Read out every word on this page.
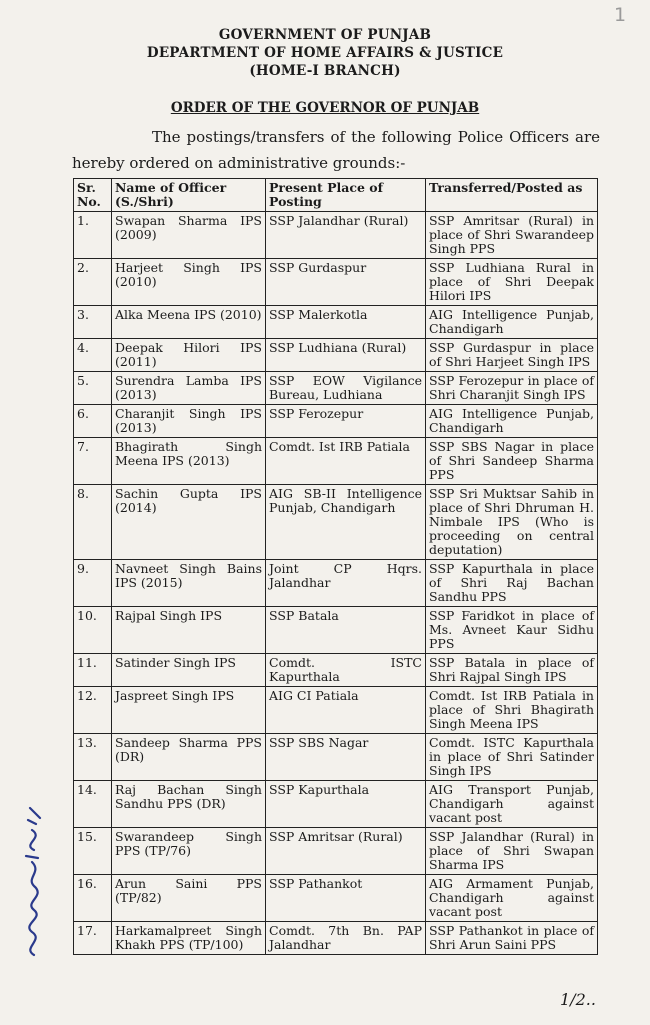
1
GOVERNMENT OF PUNJAB
DEPARTMENT OF HOME AFFAIRS & JUSTICE
(HOME-I BRANCH)
ORDER OF THE GOVERNOR OF PUNJAB
The postings/transfers of the following Police Officers are hereby ordered on administrative grounds:-
Sr. No.	Name of Officer (S./Shri)	Present Place of Posting	Transferred/Posted as
1.	Swapan Sharma IPS (2009)	SSP Jalandhar (Rural)	SSP Amritsar (Rural) in place of Shri Swarandeep Singh PPS
2.	Harjeet Singh IPS (2010)	SSP Gurdaspur	SSP Ludhiana Rural in place of Shri Deepak Hilori IPS
3.	Alka Meena IPS (2010)	SSP Malerkotla	AIG Intelligence Punjab, Chandigarh
4.	Deepak Hilori IPS (2011)	SSP Ludhiana (Rural)	SSP Gurdaspur in place of Shri Harjeet Singh IPS
5.	Surendra Lamba IPS (2013)	SSP EOW Vigilance Bureau, Ludhiana	SSP Ferozepur in place of Shri Charanjit Singh IPS
6.	Charanjit Singh IPS (2013)	SSP Ferozepur	AIG Intelligence Punjab, Chandigarh
7.	Bhagirath Singh Meena IPS (2013)	Comdt. Ist IRB Patiala	SSP SBS Nagar in place of Shri Sandeep Sharma PPS
8.	Sachin Gupta IPS (2014)	AIG SB-II Intelligence Punjab, Chandigarh	SSP Sri Muktsar Sahib in place of Shri Dhruman H. Nimbale IPS (Who is proceeding on central deputation)
9.	Navneet Singh Bains IPS (2015)	Joint CP Hqrs. Jalandhar	SSP Kapurthala in place of Shri Raj Bachan Sandhu PPS
10.	Rajpal Singh IPS	SSP Batala	SSP Faridkot in place of Ms. Avneet Kaur Sidhu PPS
11.	Satinder Singh IPS	Comdt. ISTC Kapurthala	SSP Batala in place of Shri Rajpal Singh IPS
12.	Jaspreet Singh IPS	AIG CI Patiala	Comdt. Ist IRB Patiala in place of Shri Bhagirath Singh Meena IPS
13.	Sandeep Sharma PPS (DR)	SSP SBS Nagar	Comdt. ISTC Kapurthala in place of Shri Satinder Singh IPS
14.	Raj Bachan Singh Sandhu PPS (DR)	SSP Kapurthala	AIG Transport Punjab, Chandigarh against vacant post
15.	Swarandeep Singh PPS (TP/76)	SSP Amritsar (Rural)	SSP Jalandhar (Rural) in place of Shri Swapan Sharma IPS
16.	Arun Saini PPS (TP/82)	SSP Pathankot	AIG Armament Punjab, Chandigarh against vacant post
17.	Harkamalpreet Singh Khakh PPS (TP/100)	Comdt. 7th Bn. PAP Jalandhar	SSP Pathankot in place of Shri Arun Saini PPS
1/2..
